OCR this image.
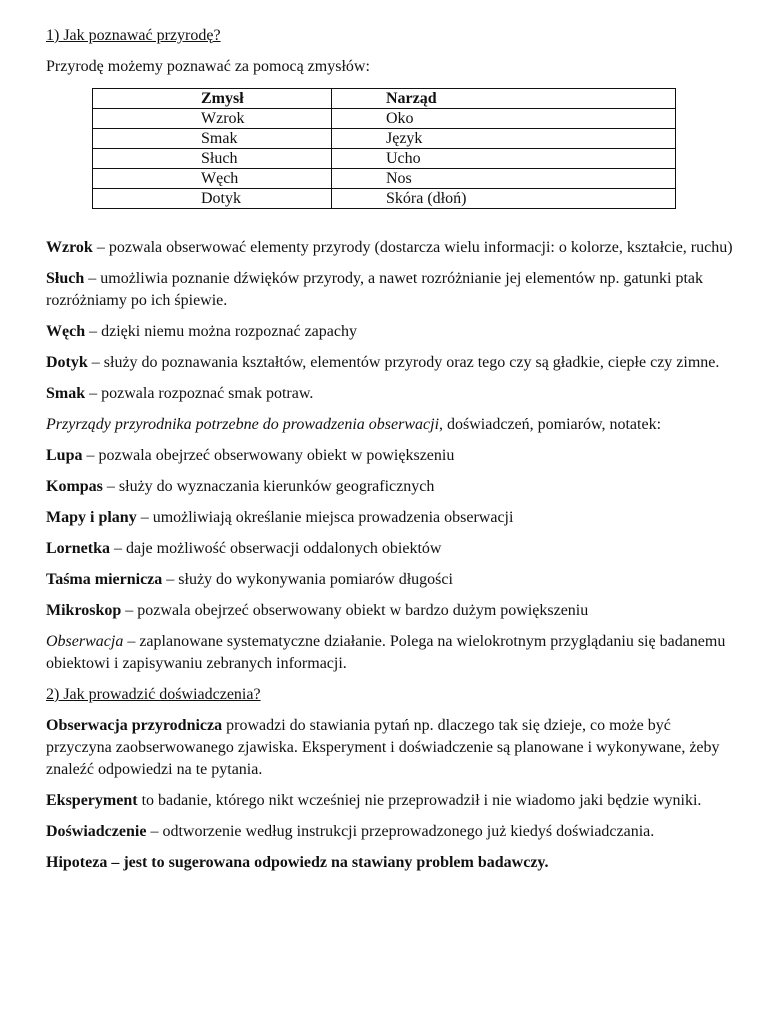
1) Jak poznawać przyrodę?

Przyrodę możemy poznawać za pomocą zmysłów:

Zmysł	Narząd
Wzrok	Oko
Smak	Język
Słuch	Ucho
Węch	Nos
Dotyk	Skóra (dłoń)

Wzrok – pozwala obserwować elementy przyrody (dostarcza wielu informacji: o kolorze, kształcie, ruchu)

Słuch – umożliwia poznanie dźwięków przyrody, a nawet rozróżnianie jej elementów np. gatunki ptak rozróżniamy po ich śpiewie.

Węch – dzięki niemu można rozpoznać zapachy

Dotyk – służy do poznawania kształtów, elementów przyrody oraz tego czy są gładkie, ciepłe czy zimne.

Smak – pozwala rozpoznać smak potraw.

Przyrządy przyrodnika potrzebne do prowadzenia obserwacji, doświadczeń, pomiarów, notatek:

Lupa – pozwala obejrzeć obserwowany obiekt w powiększeniu

Kompas – służy do wyznaczania kierunków geograficznych

Mapy i plany – umożliwiają określanie miejsca prowadzenia obserwacji

Lornetka – daje możliwość obserwacji oddalonych obiektów

Taśma miernicza – służy do wykonywania pomiarów długości

Mikroskop – pozwala obejrzeć obserwowany obiekt w bardzo dużym powiększeniu

Obserwacja – zaplanowane systematyczne działanie. Polega na wielokrotnym przyglądaniu się badanemu obiektowi i zapisywaniu zebranych informacji.

2) Jak prowadzić doświadczenia?

Obserwacja przyrodnicza prowadzi do stawiania pytań np. dlaczego tak się dzieje, co może być przyczyna zaobserwowanego zjawiska. Eksperyment i doświadczenie są planowane i wykonywane, żeby znaleźć odpowiedzi na te pytania.

Eksperyment to badanie, którego nikt wcześniej nie przeprowadził i nie wiadomo jaki będzie wyniki.

Doświadczenie – odtworzenie według instrukcji przeprowadzonego już kiedyś doświadczania.

Hipoteza – jest to sugerowana odpowiedz na stawiany problem badawczy.
